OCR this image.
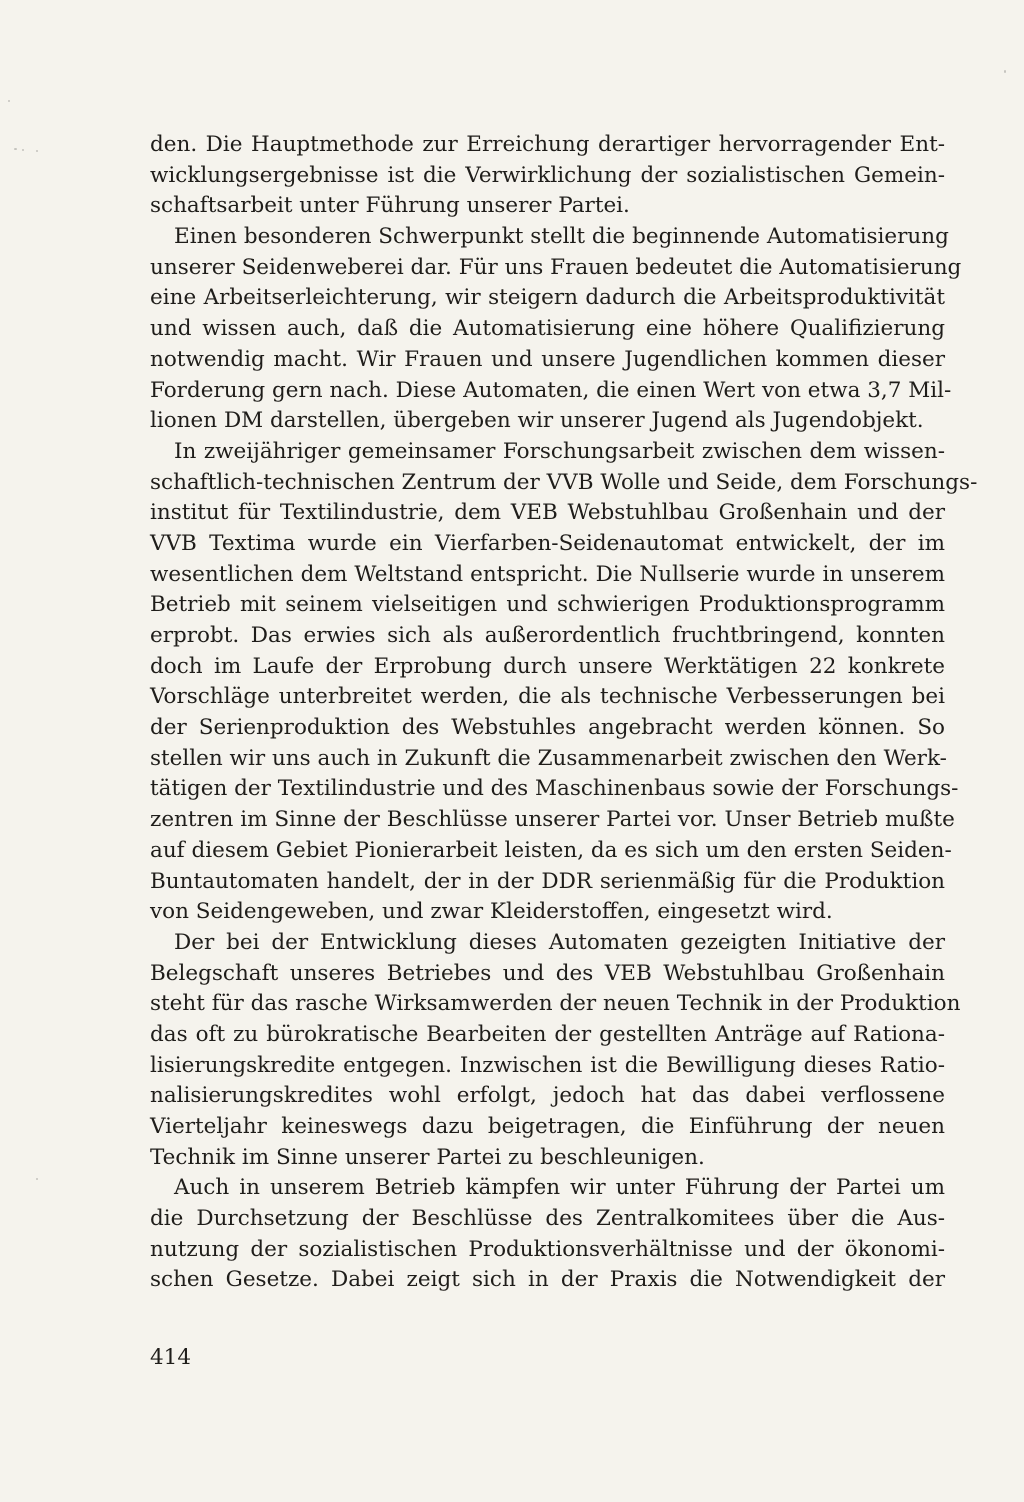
den. Die Hauptmethode zur Erreichung derartiger hervorragender Ent-
wicklungsergebnisse ist die Verwirklichung der sozialistischen Gemein-
schaftsarbeit unter Führung unserer Partei.
Einen besonderen Schwerpunkt stellt die beginnende Automatisierung
unserer Seidenweberei dar. Für uns Frauen bedeutet die Automatisierung
eine Arbeitserleichterung, wir steigern dadurch die Arbeitsproduktivität
und wissen auch, daß die Automatisierung eine höhere Qualifizierung
notwendig macht. Wir Frauen und unsere Jugendlichen kommen dieser
Forderung gern nach. Diese Automaten, die einen Wert von etwa 3,7 Mil-
lionen DM darstellen, übergeben wir unserer Jugend als Jugendobjekt.
In zweijähriger gemeinsamer Forschungsarbeit zwischen dem wissen-
schaftlich-technischen Zentrum der VVB Wolle und Seide, dem Forschungs-
institut für Textilindustrie, dem VEB Webstuhlbau Großenhain und der
VVB Textima wurde ein Vierfarben-Seidenautomat entwickelt, der im
wesentlichen dem Weltstand entspricht. Die Nullserie wurde in unserem
Betrieb mit seinem vielseitigen und schwierigen Produktionsprogramm
erprobt. Das erwies sich als außerordentlich fruchtbringend, konnten
doch im Laufe der Erprobung durch unsere Werktätigen 22 konkrete
Vorschläge unterbreitet werden, die als technische Verbesserungen bei
der Serienproduktion des Webstuhles angebracht werden können. So
stellen wir uns auch in Zukunft die Zusammenarbeit zwischen den Werk-
tätigen der Textilindustrie und des Maschinenbaus sowie der Forschungs-
zentren im Sinne der Beschlüsse unserer Partei vor. Unser Betrieb mußte
auf diesem Gebiet Pionierarbeit leisten, da es sich um den ersten Seiden-
Buntautomaten handelt, der in der DDR serienmäßig für die Produktion
von Seidengeweben, und zwar Kleiderstoffen, eingesetzt wird.
Der bei der Entwicklung dieses Automaten gezeigten Initiative der
Belegschaft unseres Betriebes und des VEB Webstuhlbau Großenhain
steht für das rasche Wirksamwerden der neuen Technik in der Produktion
das oft zu bürokratische Bearbeiten der gestellten Anträge auf Rationa-
lisierungskredite entgegen. Inzwischen ist die Bewilligung dieses Ratio-
nalisierungskredites wohl erfolgt, jedoch hat das dabei verflossene
Vierteljahr keineswegs dazu beigetragen, die Einführung der neuen
Technik im Sinne unserer Partei zu beschleunigen.
Auch in unserem Betrieb kämpfen wir unter Führung der Partei um
die Durchsetzung der Beschlüsse des Zentralkomitees über die Aus-
nutzung der sozialistischen Produktionsverhältnisse und der ökonomi-
schen Gesetze. Dabei zeigt sich in der Praxis die Notwendigkeit der
414
